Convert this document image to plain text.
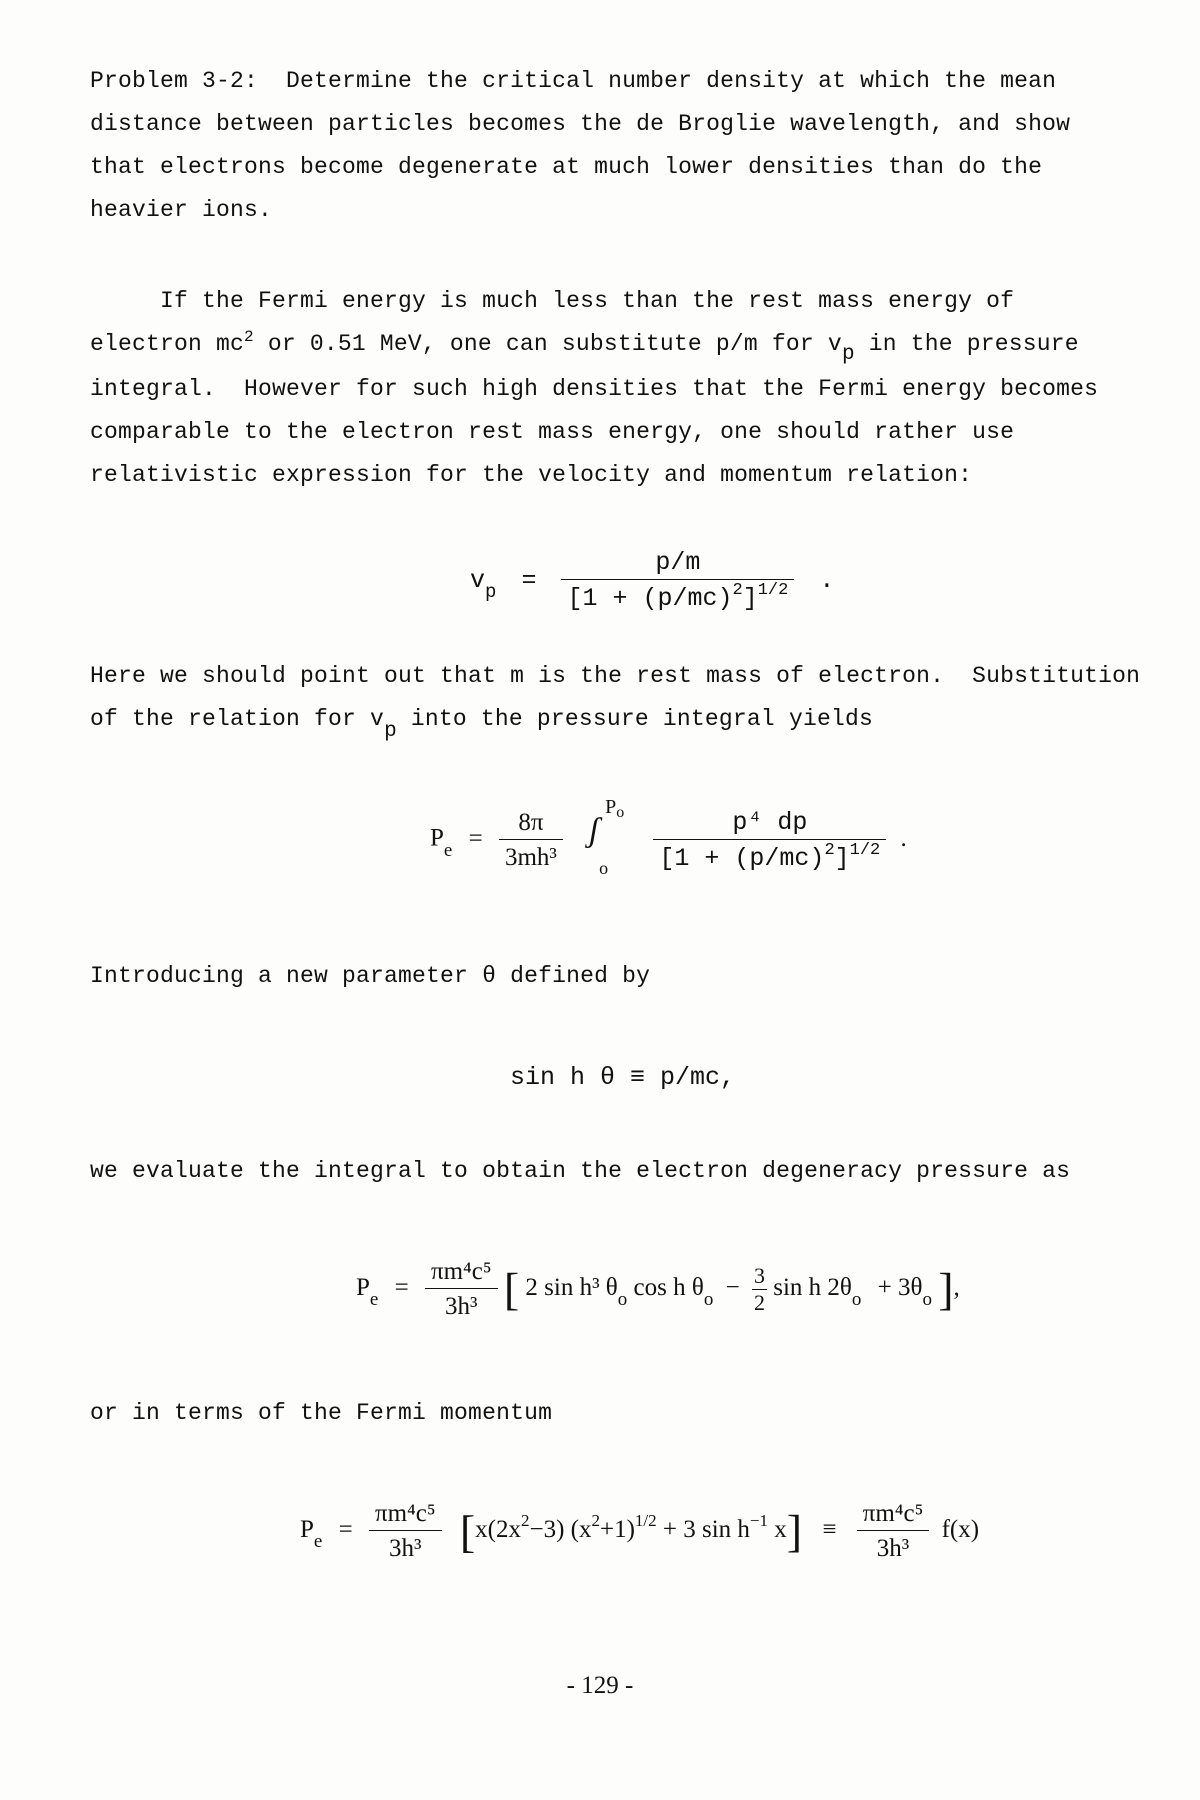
Problem 3-2:  Determine the critical number density at which the mean
distance between particles becomes the de Broglie wavelength, and show
that electrons become degenerate at much lower densities than do the
heavier ions.
If the Fermi energy is much less than the rest mass energy of
electron $mc^2$ or 0.51 MeV, one can substitute p/m for vp in the pressure
integral.  However for such high densities that the Fermi energy becomes
comparable to the electron rest mass energy, one should rather use
relativistic expression for the velocity and momentum relation:
$v_p = \frac{p/m}{[1 + (p/mc)^2]^{1/2}}$ .
Here we should point out that m is the rest mass of electron.  Substitution
of the relation for vp into the pressure integral yields
$P_e = \frac{8\pi}{\text{3mh³}}$
ʃ
$P_o$
o
$\frac{\text{p⁴ dp}}{[1 + (p/mc)^2]^{1/2}}$ .
Introducing a new parameter θ defined by
sin h θ ≡ p/mc,
we evaluate the integral to obtain the electron degeneracy pressure as
$P_e = \frac{\text{πm⁴c⁵}}{\text{3h³}}$ [ 2 sin h³ $\theta_o$ cos h $\theta_o - \frac{3}{2}$ sin h $2\theta_o + 3\theta_o$ ],
or in terms of the Fermi momentum
$P_e = \frac{\text{πm⁴c⁵}}{\text{3h³}} [x(2x^2-3) (x^2+1)^{1/2} + 3$ $\sin h^{-1}$ $x] \equiv \frac{\text{πm⁴c⁵}}{\text{3h³}} f(x)$
- 129 -
